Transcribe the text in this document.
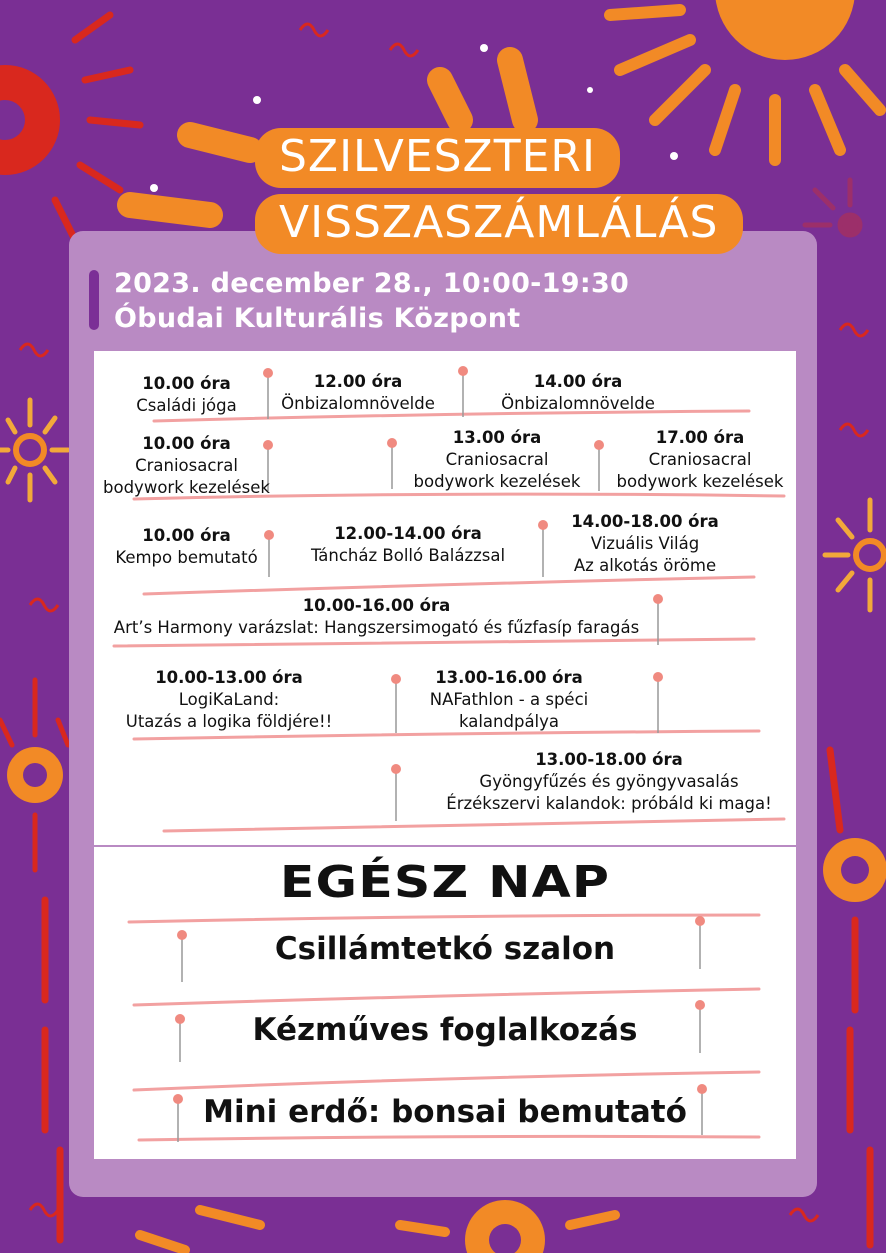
SZILVESZTERI
VISSZASZÁMLÁLÁS
2023. december 28., 10:00-19:30
Óbudai Kulturális Központ
10.00 óra
Családi jóga
12.00 óra
Önbizalomnövelde
14.00 óra
Önbizalomnövelde
10.00 óra
Craniosacral
bodywork kezelések
13.00 óra
Craniosacral
bodywork kezelések
17.00 óra
Craniosacral
bodywork kezelések
10.00 óra
Kempo bemutató
12.00-14.00 óra
Táncház Bolló Balázzsal
14.00-18.00 óra
Vizuális Világ
Az alkotás öröme
10.00-16.00 óra
Art’s Harmony varázslat: Hangszersimogató és fűzfasíp faragás
10.00-13.00 óra
LogiKaLand:
Utazás a logika földjére!!
13.00-16.00 óra
NAFathlon - a spéci
kalandpálya
13.00-18.00 óra
Gyöngyfűzés és gyöngyvasalás
Érzékszervi kalandok: próbáld ki maga!
EGÉSZ NAP
Csillámtetkó szalon
Kézműves foglalkozás
Mini erdő: bonsai bemutató
